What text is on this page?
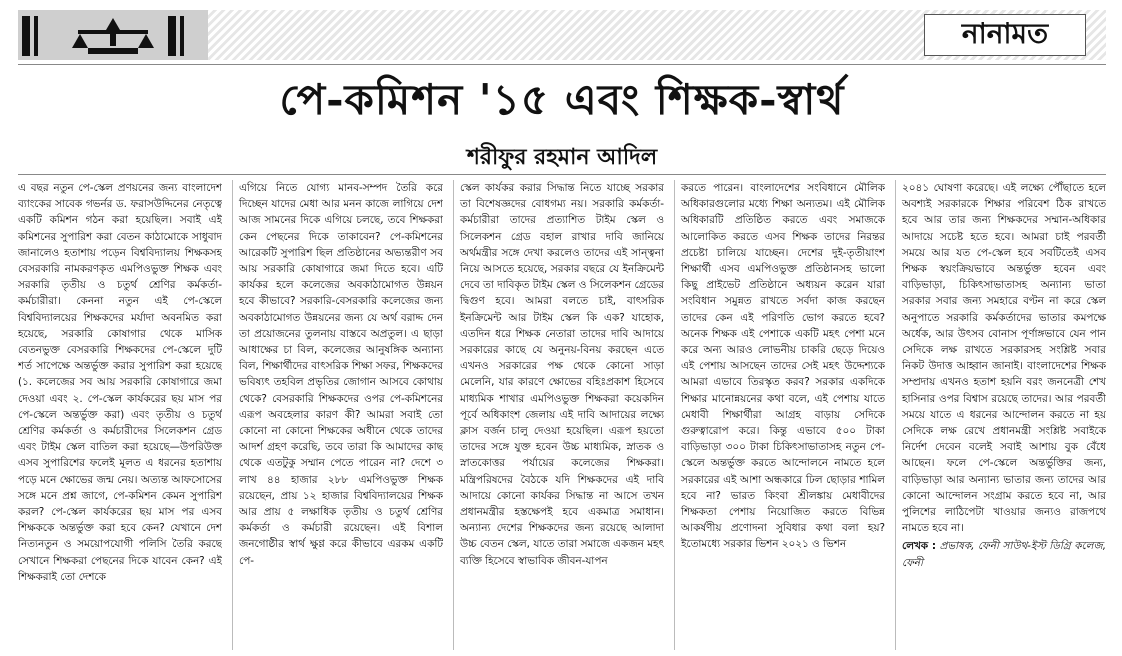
নানামত
পে-কমিশন '১৫ এবং শিক্ষক-স্বার্থ
শরীফুর রহমান আদিল

এ বছর নতুন পে-স্কেল প্রণয়নের জন্য বাংলাদেশ ব্যাংকের সাবেক গভর্নর ড. ফরাসউদ্দিনের নেতৃত্বে একটি কমিশন গঠন করা হয়েছিল। সবাই এই কমিশনের সুপারিশ করা বেতন কাঠামোকে সাধুবাদ জানালেও হতাশায় পড়েন বিশ্ববিদ্যালয় শিক্ষকসহ বেসরকারি নামকরণকৃত এমপিওভুক্ত শিক্ষক এবং সরকারি তৃতীয় ও চতুর্থ শ্রেণির কর্মকর্তা-কর্মচারীরা। কেননা নতুন এই পে-স্কেলে বিশ্ববিদ্যালয়ের শিক্ষকদের মর্যাদা অবনমিত করা হয়েছে, সরকারি কোষাগার থেকে মাসিক বেতনভুক্ত বেসরকারি শিক্ষকদের পে-স্কেলে দুটি শর্ত সাপেক্ষে অন্তর্ভুক্ত করার সুপারিশ করা হয়েছে (১. কলেজের সব আয় সরকারি কোষাগারে জমা দেওয়া এবং ২. পে-স্কেল কার্যকরের ছয় মাস পর পে-স্কেলে অন্তর্ভুক্ত করা) এবং তৃতীয় ও চতুর্থ শ্রেণির কর্মকর্তা ও কর্মচারীদের সিলেকশন গ্রেড এবং টাইম স্কেল বাতিল করা হয়েছে—উপরিউক্ত এসব সুপারিশের ফলেই মূলত এ ধরনের হতাশায় পড়ে মনে ক্ষোভের জন্ম নেয়। অত্যন্ত আফসোসের সঙ্গে মনে প্রশ্ন জাগে, পে-কমিশন কেমন সুপারিশ করল? পে-স্কেল কার্যকরের ছয় মাস পর এসব শিক্ষককে অন্তর্ভুক্ত করা হবে কেন? যেখানে দেশ নিত্যনতুন ও সময়োপযোগী পলিসি তৈরি করছে সেখানে শিক্ষকরা পেছনের দিকে যাবেন কেন? এই শিক্ষকরাই তো দেশকে

এগিয়ে নিতে যোগ্য মানব-সম্পদ তৈরি করে দিচ্ছেন যাদের মেধা আর মনন কাজে লাগিয়ে দেশ আজ সামনের দিকে এগিয়ে চলছে, তবে শিক্ষকরা কেন পেছনের দিকে তাকাবেন? পে-কমিশনের আরেকটি সুপারিশ ছিল প্রতিষ্ঠানের অভ্যন্তরীণ সব আয় সরকারি কোষাগারে জমা দিতে হবে। এটি কার্যকর হলে কলেজের অবকাঠামোগত উন্নয়ন হবে কীভাবে? সরকারি-বেসরকারি কলেজের জন্য অবকাঠামোগত উন্নয়নের জন্য যে অর্থ বরাদ্দ দেন তা প্রয়োজনের তুলনায় বাস্তবে অপ্রতুল। এ ছাড়া আধাক্ষের চা বিল, কলেজের আনুষঙ্গিক অন্যান্য বিল, শিক্ষার্থীদের বাৎসরিক শিক্ষা সফর, শিক্ষকদের ভবিষ্যৎ তহবিল প্রভৃতির জোগান আসবে কোথায় থেকে? বেসরকারি শিক্ষকদের ওপর পে-কমিশনের এরূপ অবহেলার কারণ কী? আমরা সবাই তো কোনো না কোনো শিক্ষকের অধীনে থেকে তাদের আদর্শ গ্রহণ করেছি, তবে তারা কি আমাদের কাছ থেকে এতটুকু সম্মান পেতে পারেন না? দেশে ৩ লাখ ৪৪ হাজার ২৮৮ এমপিওভুক্ত শিক্ষক রয়েছেন, প্রায় ১২ হাজার বিশ্ববিদ্যালয়ের শিক্ষক আর প্রায় ৫ লক্ষাধিক তৃতীয় ও চতুর্থ শ্রেণির কর্মকর্তা ও কর্মচারী রয়েছেন। এই বিশাল জনগোষ্ঠীর স্বার্থ ক্ষুণ্ণ করে কীভাবে এরকম একটি পে-

স্কেল কার্যকর করার সিদ্ধান্ত নিতে যাচ্ছে সরকার তা বিশেষজ্ঞদের বোধগম্য নয়। সরকারি কর্মকর্তা-কর্মচারীরা তাদের প্রত্যাশিত টাইম স্কেল ও সিলেকশন গ্রেড বহাল রাখার দাবি জানিয়ে অর্থমন্ত্রীর সঙ্গে দেখা করলেও তাদের এই সান্ত্বনা নিয়ে আসতে হয়েছে, সরকার বছরে যে ইনক্রিমেন্ট দেবে তা দাবিকৃত টাইম স্কেল ও সিলেকশন গ্রেডের দ্বিগুণ হবে। আমরা বলতে চাই, বাৎসরিক ইনক্রিমেন্ট আর টাইম স্কেল কি এক? যাহোক, এতদিন ধরে শিক্ষক নেতারা তাদের দাবি আদায়ে সরকারের কাছে যে অনুনয়-বিনয় করছেন এতে এখনও সরকারের পক্ষ থেকে কোনো সাড়া মেলেনি, যার কারণে ক্ষোভের বহিঃপ্রকাশ হিসেবে মাধ্যমিক শাখার এমপিওভুক্ত শিক্ষকরা কয়েকদিন পূর্বে অধিকাংশ জেলায় এই দাবি আদায়ের লক্ষ্যে ক্লাস বর্জন চালু দেওয়া হয়েছিল। এরূপ হয়তো তাদের সঙ্গে যুক্ত হবেন উচ্চ মাধ্যমিক, স্নাতক ও স্নাতকোত্তর পর্যায়ের কলেজের শিক্ষকরা। মন্ত্রিপরিষদের বৈঠকে যদি শিক্ষকদের এই দাবি আদায়ে কোনো কার্যকর সিদ্ধান্ত না আসে তখন প্রধানমন্ত্রীর হস্তক্ষেপই হবে একমাত্র সমাধান। অন্যান্য দেশের শিক্ষকদের জন্য রয়েছে আলাদা উচ্চ বেতন স্কেল, যাতে তারা সমাজে একজন মহৎ ব্যক্তি হিসেবে স্বাভাবিক জীবন-যাপন

করতে পারেন। বাংলাদেশের সংবিধানে মৌলিক অধিকারগুলোর মধ্যে শিক্ষা অন্যতম। এই মৌলিক অধিকারটি প্রতিষ্ঠিত করতে এবং সমাজকে আলোকিত করতে এসব শিক্ষক তাদের নিরন্তর প্রচেষ্টা চালিয়ে যাচ্ছেন। দেশের দুই-তৃতীয়াংশ শিক্ষার্থী এসব এমপিওভুক্ত প্রতিষ্ঠানসহ ভালো কিছু প্রাইভেট প্রতিষ্ঠানে অধ্যয়ন করেন যারা সংবিধান সমুন্নত রাখতে সর্বদা কাজ করছেন তাদের কেন এই পরিণতি ভোগ করতে হবে? অনেক শিক্ষক এই পেশাকে একটি মহৎ পেশা মনে করে অন্য আরও লোভনীয় চাকরি ছেড়ে দিয়েও এই পেশায় আসছেন তাদের সেই মহৎ উদ্দেশ্যকে আমরা এভাবে তিরস্কৃত করব? সরকার একদিকে শিক্ষার মানোন্নয়নের কথা বলে, এই পেশায় যাতে মেধাবী শিক্ষার্থীরা আগ্রহ বাড়ায় সেদিকে গুরুত্বারোপ করে। কিন্তু এভাবে ৫০০ টাকা বাড়িভাড়া ৩০০ টাকা চিকিৎসাভাতাসহ নতুন পে-স্কেলে অন্তর্ভুক্ত করতে আন্দোলনে নামতে হলে সরকারের এই আশা অন্ধকারে ঢিল ছোড়ার শামিল হবে না? ভারত কিংবা শ্রীলঙ্কায় মেধাবীদের শিক্ষকতা পেশায় নিয়োজিত করতে বিভিন্ন আকর্ষণীয় প্রণোদনা সুবিধার কথা বলা হয়? ইতোমধ্যে সরকার ভিশন ২০২১ ও ভিশন

২০৪১ ঘোষণা করেছে। এই লক্ষ্যে পৌঁছাতে হলে অবশ্যই সরকারকে শিক্ষার পরিবেশ ঠিক রাখতে হবে আর তার জন্য শিক্ষকদের সম্মান-অধিকার আদায়ে সচেষ্ট হতে হবে। আমরা চাই পরবর্তী সময়ে আর যত পে-স্কেল হবে সবটিতেই এসব শিক্ষক স্বয়ংক্রিয়ভাবে অন্তর্ভুক্ত হবেন এবং বাড়িভাড়া, চিকিৎসাভাতাসহ অন্যান্য ভাতা সরকার সবার জন্য সমহারে বণ্টন না করে স্কেল অনুপাতে সরকারি কর্মকর্তাদের ভাতার কমপক্ষে অর্ধেক, আর উৎসব বোনাস পূর্ণাঙ্গভাবে যেন পান সেদিকে লক্ষ রাখতে সরকারসহ সংশ্লিষ্ট সবার নিকট উদাত্ত আহ্বান জানাই। বাংলাদেশের শিক্ষক সম্প্রদায় এখনও হতাশ হয়নি বরং জননেত্রী শেখ হাসিনার ওপর বিশ্বাস রয়েছে তাদের। আর পরবর্তী সময়ে যাতে এ ধরনের আন্দোলন করতে না হয় সেদিকে লক্ষ রেখে প্রধানমন্ত্রী সংশ্লিষ্ট সবাইকে নির্দেশ দেবেন বলেই সবাই আশায় বুক বেঁধে আছেন। ফলে পে-স্কেলে অন্তর্ভুক্তির জন্য, বাড়িভাড়া আর অন্যান্য ভাতার জন্য তাদের আর কোনো আন্দোলন সংগ্রাম করতে হবে না, আর পুলিশের লাঠিপেটা খাওয়ার জন্যও রাজপথে নামতে হবে না।

লেখক : প্রভাষক, ফেনী সাউথ-ইস্ট ডিগ্রি কলেজ, ফেনী
